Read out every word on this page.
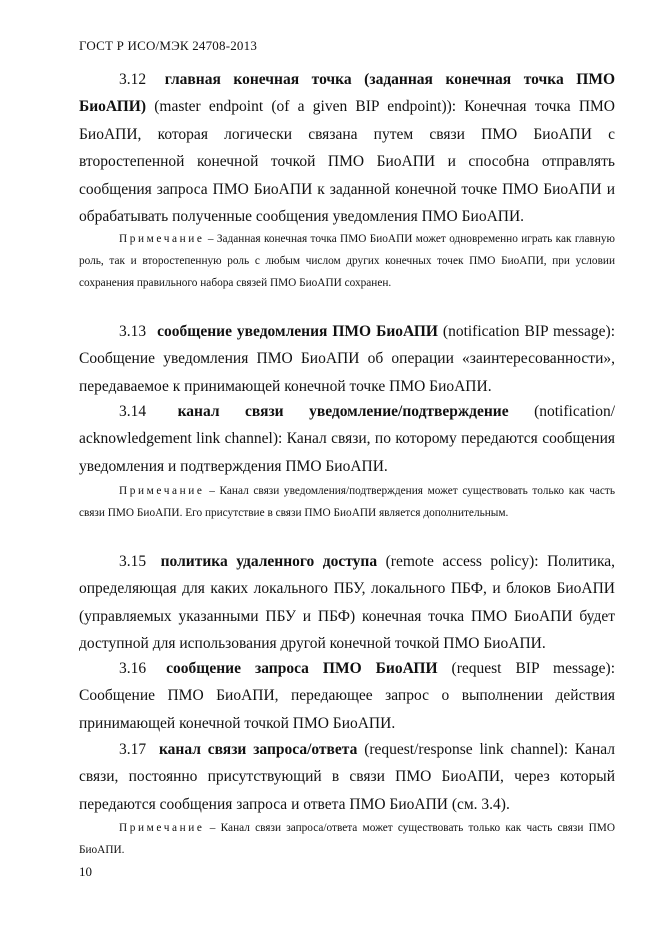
ГОСТ Р ИСО/МЭК 24708-2013

3.12 главная конечная точка (заданная конечная точка ПМО БиоАПИ) (master endpoint (of a given BIP endpoint)): Конечная точка ПМО БиоАПИ, которая логически связана путем связи ПМО БиоАПИ с второстепенной конечной точкой ПМО БиоАПИ и способна отправлять сообщения запроса ПМО БиоАПИ к заданной конечной точке ПМО БиоАПИ и обрабатывать полученные сообщения уведомления ПМО БиоАПИ.

Примечание – Заданная конечная точка ПМО БиоАПИ может одновременно играть как главную роль, так и второстепенную роль с любым числом других конечных точек ПМО БиоАПИ, при условии сохранения правильного набора связей ПМО БиоАПИ сохранен.

3.13 сообщение уведомления ПМО БиоАПИ (notification BIP message): Сообщение уведомления ПМО БиоАПИ об операции «заинтересованности», передаваемое к принимающей конечной точке ПМО БиоАПИ.

3.14 канал связи уведомление/подтверждение (notification/ acknowledgement link channel): Канал связи, по которому передаются сообщения уведомления и подтверждения ПМО БиоАПИ.

Примечание – Канал связи уведомления/подтверждения может существовать только как часть связи ПМО БиоАПИ. Его присутствие в связи ПМО БиоАПИ является дополнительным.

3.15 политика удаленного доступа (remote access policy): Политика, определяющая для каких локального ПБУ, локального ПБФ, и блоков БиоАПИ (управляемых указанными ПБУ и ПБФ) конечная точка ПМО БиоАПИ будет доступной для использования другой конечной точкой ПМО БиоАПИ.

3.16 сообщение запроса ПМО БиоАПИ (request BIP message): Сообщение ПМО БиоАПИ, передающее запрос о выполнении действия принимающей конечной точкой ПМО БиоАПИ.

3.17 канал связи запроса/ответа (request/response link channel): Канал связи, постоянно присутствующий в связи ПМО БиоАПИ, через который передаются сообщения запроса и ответа ПМО БиоАПИ (см. 3.4).

Примечание – Канал связи запроса/ответа может существовать только как часть связи ПМО БиоАПИ.

10
